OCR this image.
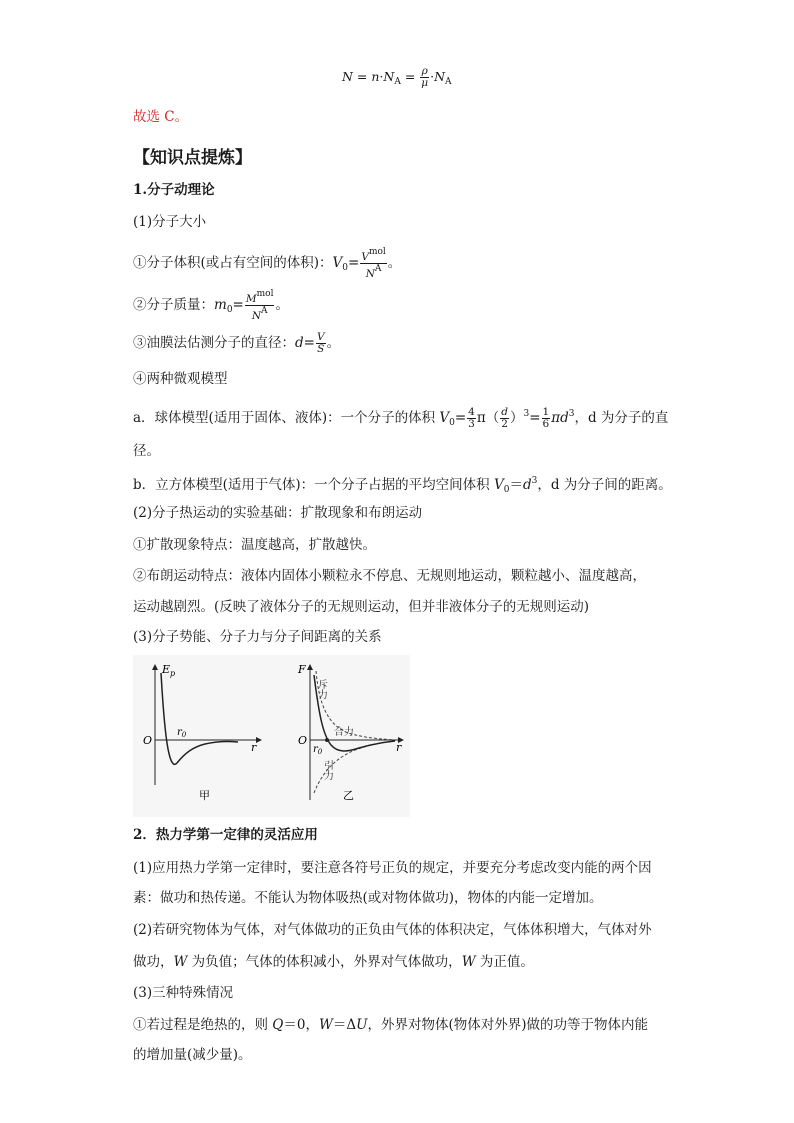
$N = n\cdot N_A = \frac{\rho}{\mu} \cdot N_A$
故选 C。
【知识点提炼】
1.分子动理论
(1)分子大小
①分子体积(或占有空间的体积)：$V_0= \frac{\text{Vmol}}{NA}$ 。
②分子质量：$m_0= \frac{\text{Mmol}}{NA}$ 。
③油膜法估测分子的直径：$d= \frac{V}{S}$ 。
④两种微观模型
a．球体模型(适用于固体、液体)：一个分子的体积 $V_0= \frac{4}{3} \pi( \frac{d}{2} )^3= \frac{1}{6} \pi d^3$，d 为分子的直
径。
b．立方体模型(适用于气体)：一个分子占据的平均空间体积 $V_0=d^3$，d 为分子间的距离。
(2)分子热运动的实验基础：扩散现象和布朗运动
①扩散现象特点：温度越高，扩散越快。
②布朗运动特点：液体内固体小颗粒永不停息、无规则地运动，颗粒越小、温度越高，
运动越剧烈。(反映了液体分子的无规则运动，但并非液体分子的无规则运动)
(3)分子势能、分子力与分子间距离的关系
$E_p$
O
$r_0$
r
甲
F
O
$r_0$	r
斥力
合力
引力
乙
2．热力学第一定律的灵活应用
(1)应用热力学第一定律时，要注意各符号正负的规定，并要充分考虑改变内能的两个因
素：做功和热传递。不能认为物体吸热(或对物体做功)，物体的内能一定增加。
(2)若研究物体为气体，对气体做功的正负由气体的体积决定，气体体积增大，气体对外
做功，W 为负值；气体的体积减小，外界对气体做功，W 为正值。
(3)三种特殊情况
①若过程是绝热的，则 Q＝0，W＝ΔU，外界对物体(物体对外界)做的功等于物体内能
的增加量(减少量)。
